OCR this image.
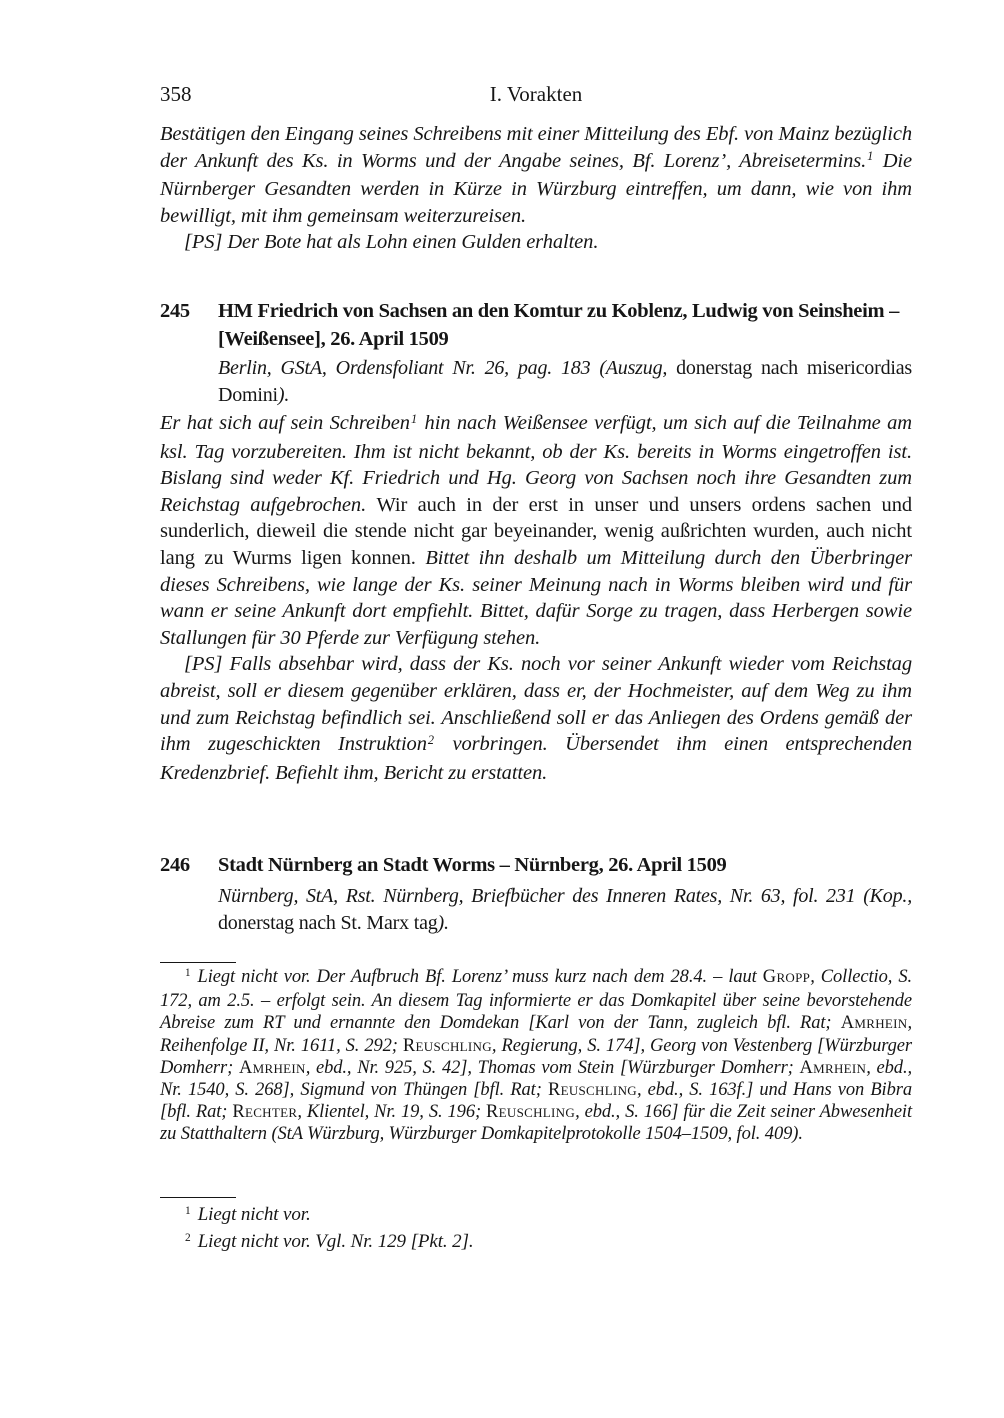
358	I. Vorakten

Bestätigen den Eingang seines Schreibens mit einer Mitteilung des Ebf. von Mainz bezüglich der Ankunft des Ks. in Worms und der Angabe seines, Bf. Lorenz’, Abreisetermins.$^1$ Die Nürnberger Gesandten werden in Kürze in Würzburg eintreffen, um dann, wie von ihm bewilligt, mit ihm gemeinsam weiterzureisen.

[PS] Der Bote hat als Lohn einen Gulden erhalten.

245 HM Friedrich von Sachsen an den Komtur zu Koblenz, Ludwig von Seinsheim – [Weißensee], 26. April 1509
Berlin, GStA, Ordensfoliant Nr. 26, pag. 183 (Auszug, donerstag nach misericordias Domini).

Er hat sich auf sein Schreiben$^1$ hin nach Weißensee verfügt, um sich auf die Teilnahme am ksl. Tag vorzubereiten. Ihm ist nicht bekannt, ob der Ks. bereits in Worms eingetroffen ist. Bislang sind weder Kf. Friedrich und Hg. Georg von Sachsen noch ihre Gesandten zum Reichstag aufgebrochen. Wir auch in der erst in unser und unsers ordens sachen und sunderlich, dieweil die stende nicht gar beyeinander, wenig außrichten wurden, auch nicht lang zu Wurms ligen konnen. Bittet ihn deshalb um Mitteilung durch den Überbringer dieses Schreibens, wie lange der Ks. seiner Meinung nach in Worms bleiben wird und für wann er seine Ankunft dort empfiehlt. Bittet, dafür Sorge zu tragen, dass Herbergen sowie Stallungen für 30 Pferde zur Verfügung stehen.

[PS] Falls absehbar wird, dass der Ks. noch vor seiner Ankunft wieder vom Reichstag abreist, soll er diesem gegenüber erklären, dass er, der Hochmeister, auf dem Weg zu ihm und zum Reichstag befindlich sei. Anschließend soll er das Anliegen des Ordens gemäß der ihm zugeschickten Instruktion$^2$ vorbringen. Übersendet ihm einen entsprechenden Kredenzbrief. Befiehlt ihm, Bericht zu erstatten.

246 Stadt Nürnberg an Stadt Worms – Nürnberg, 26. April 1509
Nürnberg, StA, Rst. Nürnberg, Briefbücher des Inneren Rates, Nr. 63, fol. 231 (Kop., donerstag nach St. Marx tag).
$^1$ Liegt nicht vor. Der Aufbruch Bf. Lorenz’ muss kurz nach dem 28.4. – laut Gropp, Collectio, S. 172, am 2.5. – erfolgt sein. An diesem Tag informierte er das Domkapitel über seine bevorstehende Abreise zum RT und ernannte den Domdekan [Karl von der Tann, zugleich bfl. Rat; Amrhein, Reihenfolge II, Nr. 1611, S. 292; Reuschling, Regierung, S. 174], Georg von Vestenberg [Würzburger Domherr; Amrhein, ebd., Nr. 925, S. 42], Thomas vom Stein [Würzburger Domherr; Amrhein, ebd., Nr. 1540, S. 268], Sigmund von Thüngen [bfl. Rat; Reuschling, ebd., S. 163f.] und Hans von Bibra [bfl. Rat; Rechter, Klientel, Nr. 19, S. 196; Reuschling, ebd., S. 166] für die Zeit seiner Abwesenheit zu Statthaltern (StA Würzburg, Würzburger Domkapitelprotokolle 1504–1509, fol. 409).
$^1$ Liegt nicht vor.
$^2$ Liegt nicht vor. Vgl. Nr. 129 [Pkt. 2].
